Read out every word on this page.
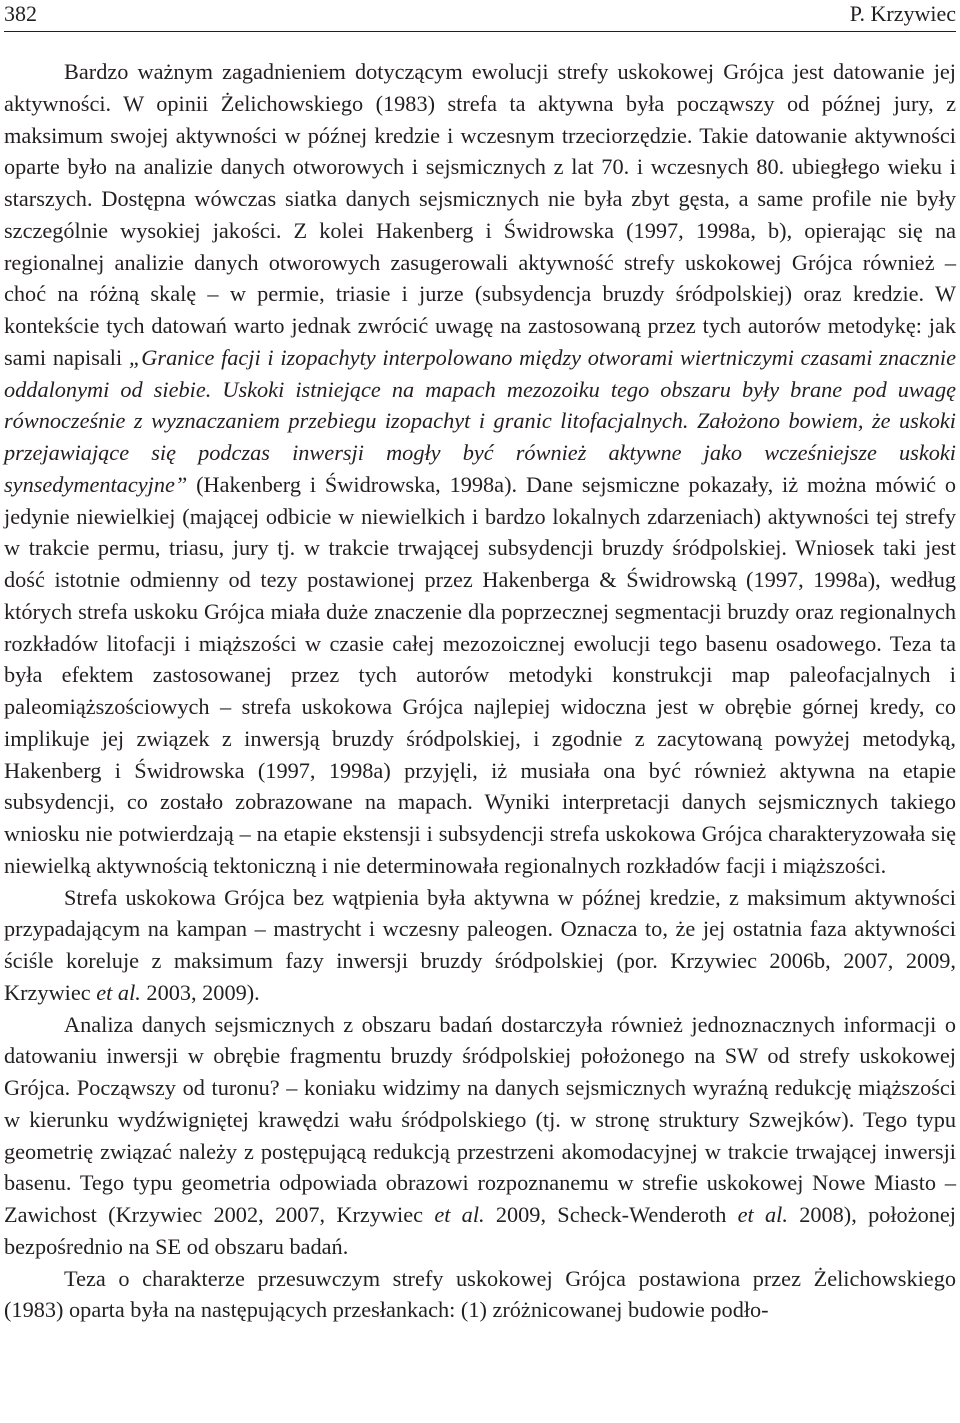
382	P. Krzywiec

Bardzo ważnym zagadnieniem dotyczącym ewolucji strefy uskokowej Grójca jest datowanie jej aktywności. W opinii Żelichowskiego (1983) strefa ta aktywna była począwszy od późnej jury, z maksimum swojej aktywności w późnej kredzie i wczesnym trzeciorzędzie. Takie datowanie aktywności oparte było na analizie danych otworowych i sejsmicznych z lat 70. i wczesnych 80. ubiegłego wieku i starszych. Dostępna wówczas siatka danych sejsmicznych nie była zbyt gęsta, a same profile nie były szczególnie wysokiej jakości. Z kolei Hakenberg i Świdrowska (1997, 1998a, b), opierając się na regionalnej analizie danych otworowych zasugerowali aktywność strefy uskokowej Grójca również – choć na różną skalę – w permie, triasie i jurze (subsydencja bruzdy śródpolskiej) oraz kredzie. W kontekście tych datowań warto jednak zwrócić uwagę na zastosowaną przez tych autorów metodykę: jak sami napisali „Granice facji i izopachyty interpolowano między otworami wiertniczymi czasami znacznie oddalonymi od siebie. Uskoki istniejące na mapach mezozoiku tego obszaru były brane pod uwagę równocześnie z wyznaczaniem przebiegu izopachyt i granic litofacjalnych. Założono bowiem, że uskoki przejawiające się podczas inwersji mogły być również aktywne jako wcześniejsze uskoki synsedymentacyjne” (Hakenberg i Świdrowska, 1998a). Dane sejsmiczne pokazały, iż można mówić o jedynie niewielkiej (mającej odbicie w niewielkich i bardzo lokalnych zdarzeniach) aktywności tej strefy w trakcie permu, triasu, jury tj. w trakcie trwającej subsydencji bruzdy śródpolskiej. Wniosek taki jest dość istotnie odmienny od tezy postawionej przez Hakenberga & Świdrowską (1997, 1998a), według których strefa uskoku Grójca miała duże znaczenie dla poprzecznej segmentacji bruzdy oraz regionalnych rozkładów litofacji i miąższości w czasie całej mezozoicznej ewolucji tego basenu osadowego. Teza ta była efektem zastosowanej przez tych autorów metodyki konstrukcji map paleofacjalnych i paleomiąższościowych – strefa uskokowa Grójca najlepiej widoczna jest w obrębie górnej kredy, co implikuje jej związek z inwersją bruzdy śródpolskiej, i zgodnie z zacytowaną powyżej metodyką, Hakenberg i Świdrowska (1997, 1998a) przyjęli, iż musiała ona być również aktywna na etapie subsydencji, co zostało zobrazowane na mapach. Wyniki interpretacji danych sejsmicznych takiego wniosku nie potwierdzają – na etapie ekstensji i subsydencji strefa uskokowa Grójca charakteryzowała się niewielką aktywnością tektoniczną i nie determinowała regionalnych rozkładów facji i miąższości.

Strefa uskokowa Grójca bez wątpienia była aktywna w późnej kredzie, z maksimum aktywności przypadającym na kampan – mastrycht i wczesny paleogen. Oznacza to, że jej ostatnia faza aktywności ściśle koreluje z maksimum fazy inwersji bruzdy śródpolskiej (por. Krzywiec 2006b, 2007, 2009, Krzywiec et al. 2003, 2009).

Analiza danych sejsmicznych z obszaru badań dostarczyła również jednoznacznych informacji o datowaniu inwersji w obrębie fragmentu bruzdy śródpolskiej położonego na SW od strefy uskokowej Grójca. Począwszy od turonu? – koniaku widzimy na danych sejsmicznych wyraźną redukcję miąższości w kierunku wydźwigniętej krawędzi wału śródpolskiego (tj. w stronę struktury Szwejków). Tego typu geometrię związać należy z postępującą redukcją przestrzeni akomodacyjnej w trakcie trwającej inwersji basenu. Tego typu geometria odpowiada obrazowi rozpoznanemu w strefie uskokowej Nowe Miasto – Zawichost (Krzywiec 2002, 2007, Krzywiec et al. 2009, Scheck-Wenderoth et al. 2008), położonej bezpośrednio na SE od obszaru badań.

Teza o charakterze przesuwczym strefy uskokowej Grójca postawiona przez Żelichowskiego (1983) oparta była na następujących przesłankach: (1) zróżnicowanej budowie podło-
